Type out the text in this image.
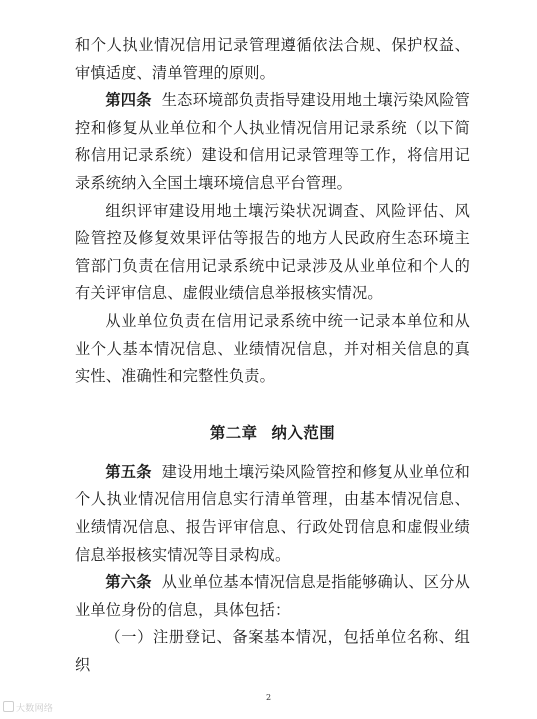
和个人执业情况信用记录管理遵循依法合规、保护权益、审慎适度、清单管理的原则。

第四条 生态环境部负责指导建设用地土壤污染风险管控和修复从业单位和个人执业情况信用记录系统（以下简称信用记录系统）建设和信用记录管理等工作，将信用记录系统纳入全国土壤环境信息平台管理。

组织评审建设用地土壤污染状况调查、风险评估、风险管控及修复效果评估等报告的地方人民政府生态环境主管部门负责在信用记录系统中记录涉及从业单位和个人的有关评审信息、虚假业绩信息举报核实情况。

从业单位负责在信用记录系统中统一记录本单位和从业个人基本情况信息、业绩情况信息，并对相关信息的真实性、准确性和完整性负责。

第二章 纳入范围

第五条 建设用地土壤污染风险管控和修复从业单位和个人执业情况信用信息实行清单管理，由基本情况信息、业绩情况信息、报告评审信息、行政处罚信息和虚假业绩信息举报核实情况等目录构成。

第六条 从业单位基本情况信息是指能够确认、区分从业单位身份的信息，具体包括：

（一）注册登记、备案基本情况，包括单位名称、组织

2
大数网络
